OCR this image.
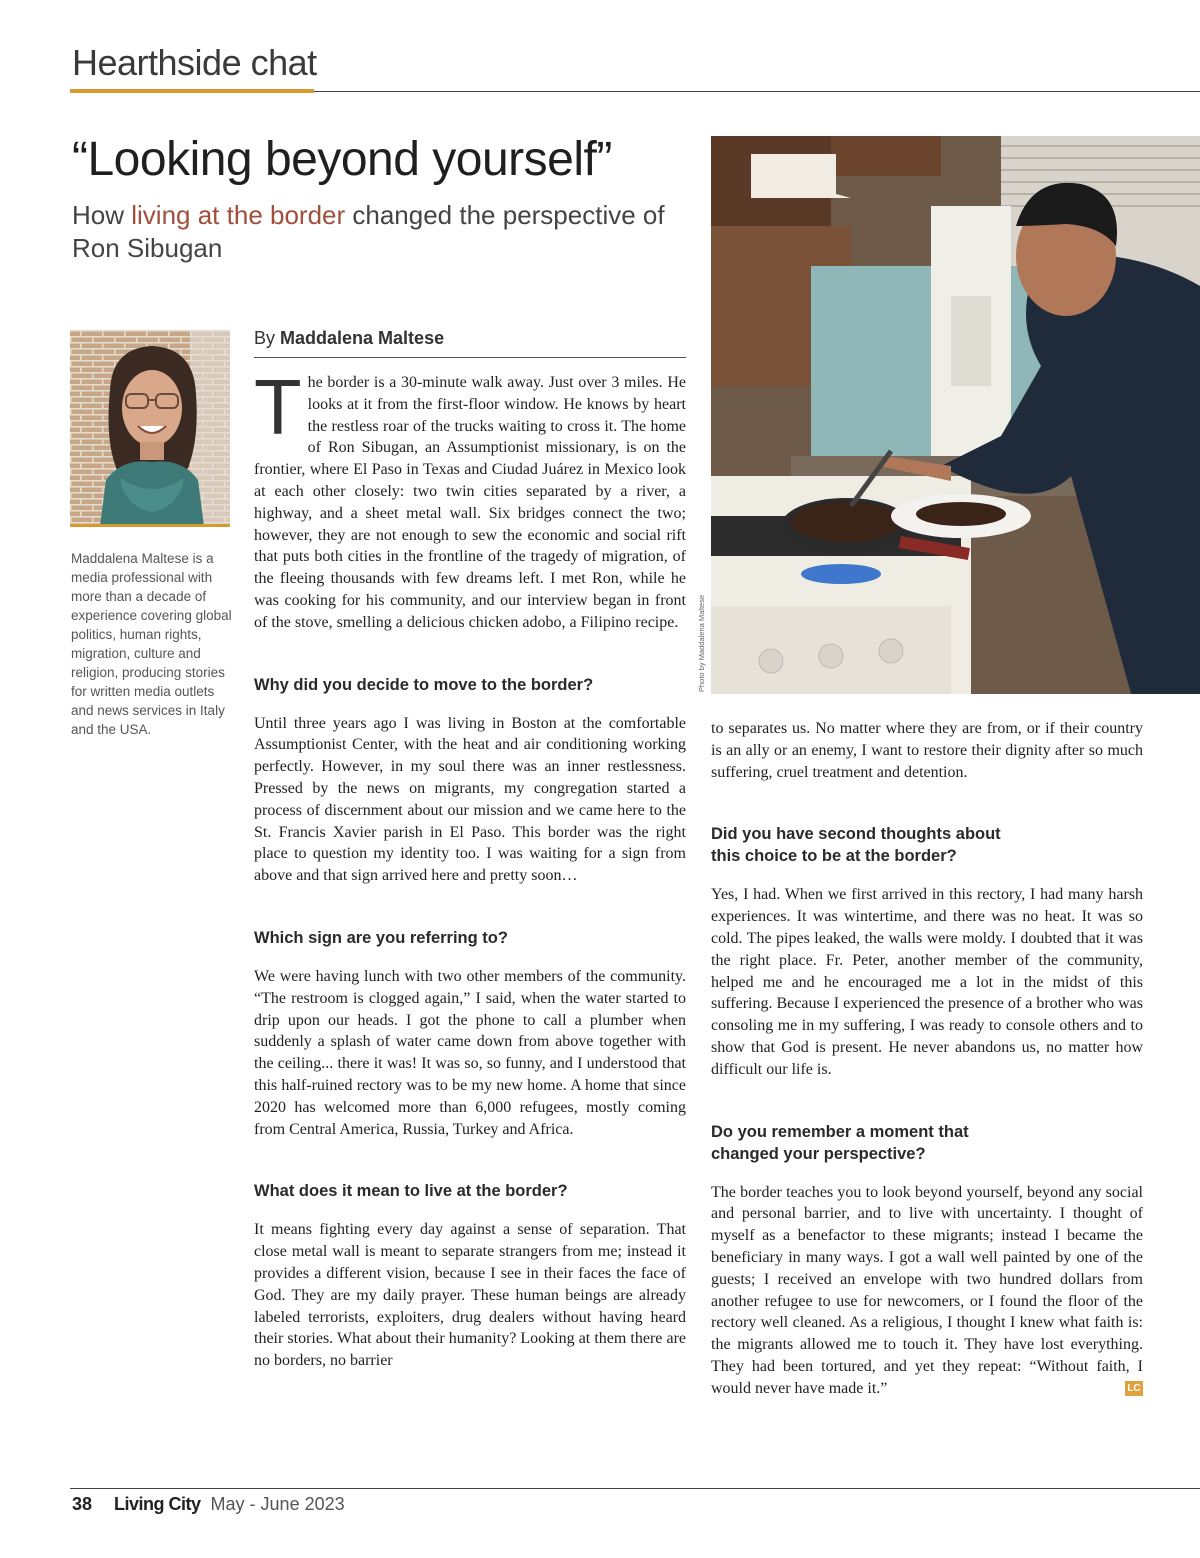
Hearthside chat
“Looking beyond yourself”
How living at the border changed the perspective of Ron Sibugan
Maddalena Maltese is a media professional with more than a decade of experience covering global politics, human rights, migration, culture and religion, producing stories for written media outlets and news services in Italy and the USA.
By Maddalena Maltese

The border is a 30-minute walk away. Just over 3 miles. He looks at it from the first-floor window. He knows by heart the restless roar of the trucks waiting to cross it. The home of Ron Sibugan, an Assumptionist missionary, is on the frontier, where El Paso in Texas and Ciudad Juárez in Mexico look at each other closely: two twin cities separated by a river, a highway, and a sheet metal wall. Six bridges connect the two; however, they are not enough to sew the economic and social rift that puts both cities in the frontline of the tragedy of migration, of the fleeing thousands with few dreams left. I met Ron, while he was cooking for his community, and our interview began in front of the stove, smelling a delicious chicken adobo, a Filipino recipe.

Why did you decide to move to the border?

Until three years ago I was living in Boston at the comfortable Assumptionist Center, with the heat and air conditioning working perfectly. However, in my soul there was an inner restlessness. Pressed by the news on migrants, my congregation started a process of discernment about our mission and we came here to the St. Francis Xavier parish in El Paso. This border was the right place to question my identity too. I was waiting for a sign from above and that sign arrived here and pretty soon…

Which sign are you referring to?

We were having lunch with two other members of the community. “The restroom is clogged again,” I said, when the water started to drip upon our heads. I got the phone to call a plumber when suddenly a splash of water came down from above together with the ceiling... there it was! It was so, so funny, and I understood that this half-ruined rectory was to be my new home. A home that since 2020 has welcomed more than 6,000 refugees, mostly coming from Central America, Russia, Turkey and Africa.

What does it mean to live at the border?

It means fighting every day against a sense of separation. That close metal wall is meant to separate strangers from me; instead it provides a different vision, because I see in their faces the face of God. They are my daily prayer. These human beings are already labeled terrorists, exploiters, drug dealers without having heard their stories. What about their humanity? Looking at them there are no borders, no barrier

Photo by Maddalena Maltese

to separates us. No matter where they are from, or if their country is an ally or an enemy, I want to restore their dignity after so much suffering, cruel treatment and detention.

Did you have second thoughts about
this choice to be at the border?

Yes, I had. When we first arrived in this rectory, I had many harsh experiences. It was wintertime, and there was no heat. It was so cold. The pipes leaked, the walls were moldy. I doubted that it was the right place. Fr. Peter, another member of the community, helped me and he encouraged me a lot in the midst of this suffering. Because I experienced the presence of a brother who was consoling me in my suffering, I was ready to console others and to show that God is present. He never abandons us, no matter how difficult our life is.

Do you remember a moment that
changed your perspective?

The border teaches you to look beyond yourself, beyond any social and personal barrier, and to live with uncertainty. I thought of myself as a benefactor to these migrants; instead I became the beneficiary in many ways. I got a wall well painted by one of the guests; I received an envelope with two hundred dollars from another refugee to use for newcomers, or I found the floor of the rectory well cleaned. As a religious, I thought I knew what faith is: the migrants allowed me to touch it. They have lost everything. They had been tortured, and yet they repeat: “Without faith, I would never have made it.”	LC

38 Living City May - June 2023
